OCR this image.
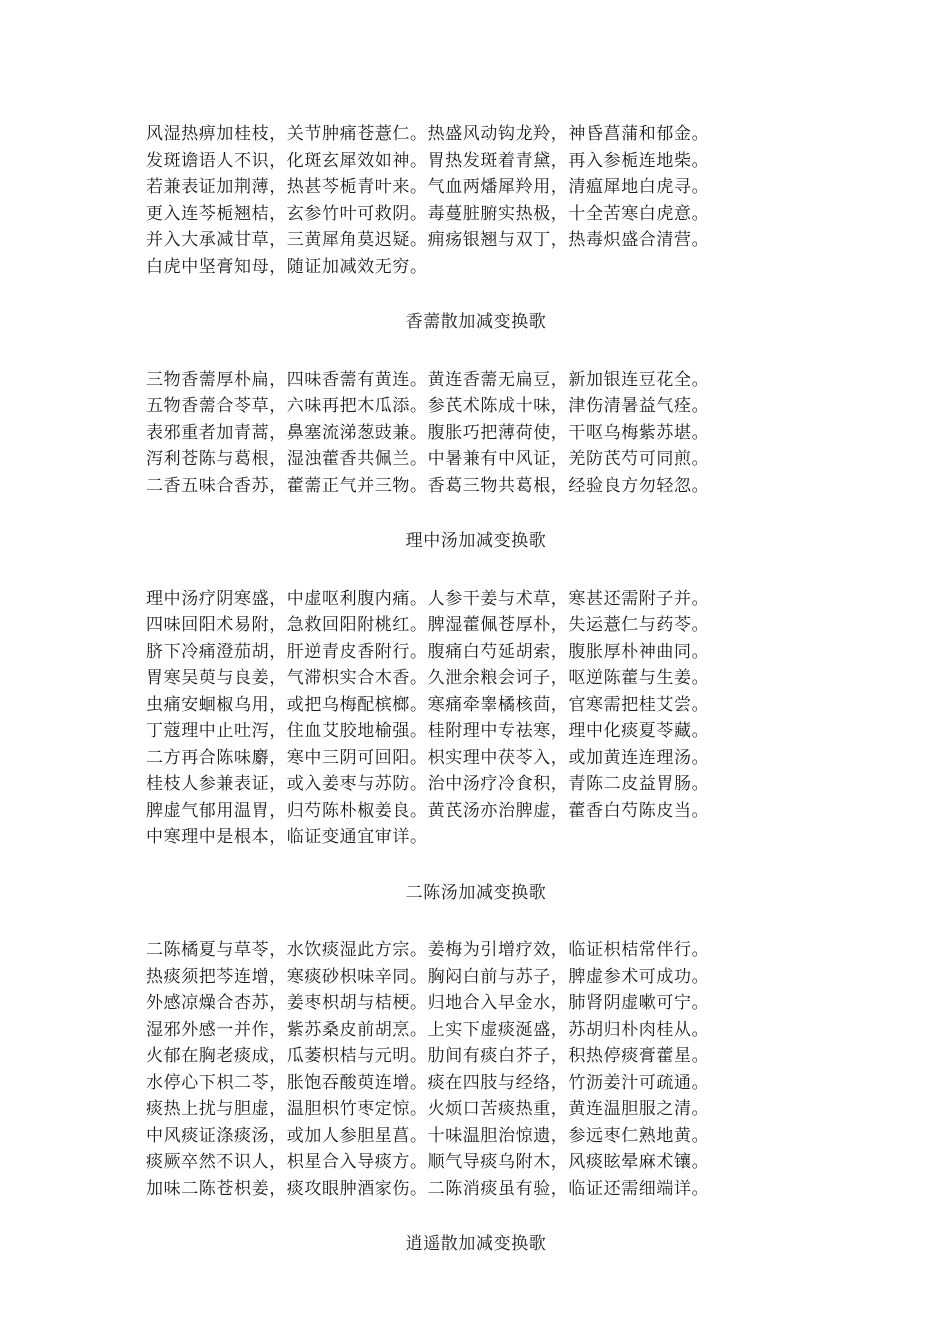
风湿热痹加桂枝，关节肿痛苍薏仁。热盛风动钩龙羚，神昏菖蒲和郁金。
发斑谵语人不识，化斑玄犀效如神。胃热发斑着青黛，再入参栀连地柴。
若兼表证加荆薄，热甚芩栀青叶来。气血两燔犀羚用，清瘟犀地白虎寻。
更入连芩栀翘桔，玄参竹叶可救阴。毒蔓脏腑实热极，十全苦寒白虎意。
并入大承减甘草，三黄犀角莫迟疑。痈疡银翘与双丁，热毒炽盛合清营。
白虎中坚膏知母，随证加减效无穷。
香薷散加减变换歌
三物香薷厚朴扁，四味香薷有黄连。黄连香薷无扁豆，新加银连豆花全。
五物香薷合苓草，六味再把木瓜添。参芪术陈成十味，津伤清暑益气痊。
表邪重者加青蒿，鼻塞流涕葱豉兼。腹胀巧把薄荷使，干呕乌梅紫苏堪。
泻利苍陈与葛根，湿浊藿香共佩兰。中暑兼有中风证，羌防芪芍可同煎。
二香五味合香苏，藿薷正气并三物。香葛三物共葛根，经验良方勿轻忽。
理中汤加减变换歌
理中汤疗阴寒盛，中虚呕利腹内痛。人参干姜与术草，寒甚还需附子并。
四味回阳术易附，急救回阳附桃红。脾湿藿佩苍厚朴，失运薏仁与药苓。
脐下冷痛澄茄胡，肝逆青皮香附行。腹痛白芍延胡索，腹胀厚朴神曲同。
胃寒吴萸与良姜，气滞枳实合木香。久泄余粮会诃子，呕逆陈藿与生姜。
虫痛安蛔椒乌用，或把乌梅配槟榔。寒痛牵睾橘核茴，官寒需把桂艾尝。
丁蔻理中止吐泻，住血艾胶地榆强。桂附理中专祛寒，理中化痰夏苓藏。
二方再合陈味麝，寒中三阴可回阳。枳实理中茯苓入，或加黄连连理汤。
桂枝人参兼表证，或入姜枣与苏防。治中汤疗冷食积，青陈二皮益胃肠。
脾虚气郁用温胃，归芍陈朴椒姜良。黄芪汤亦治脾虚，藿香白芍陈皮当。
中寒理中是根本，临证变通宜审详。
二陈汤加减变换歌
二陈橘夏与草苓，水饮痰湿此方宗。姜梅为引增疗效，临证枳桔常伴行。
热痰须把芩连增，寒痰砂枳味辛同。胸闷白前与苏子，脾虚参术可成功。
外感凉燥合杏苏，姜枣枳胡与桔梗。归地合入早金水，肺肾阴虚嗽可宁。
湿邪外感一并作，紫苏桑皮前胡烹。上实下虚痰涎盛，苏胡归朴肉桂从。
火郁在胸老痰成，瓜萎枳桔与元明。肋间有痰白芥子，积热停痰膏藿星。
水停心下枳二苓，胀饱吞酸萸连增。痰在四肢与经络，竹沥姜汁可疏通。
痰热上扰与胆虚，温胆枳竹枣定惊。火烦口苦痰热重，黄连温胆服之清。
中风痰证涤痰汤，或加人参胆星菖。十味温胆治惊遗，参远枣仁熟地黄。
痰厥卒然不识人，枳星合入导痰方。顺气导痰乌附木，风痰眩晕麻术镶。
加味二陈苍枳姜，痰攻眼肿酒家伤。二陈消痰虽有验，临证还需细端详。
逍遥散加减变换歌
